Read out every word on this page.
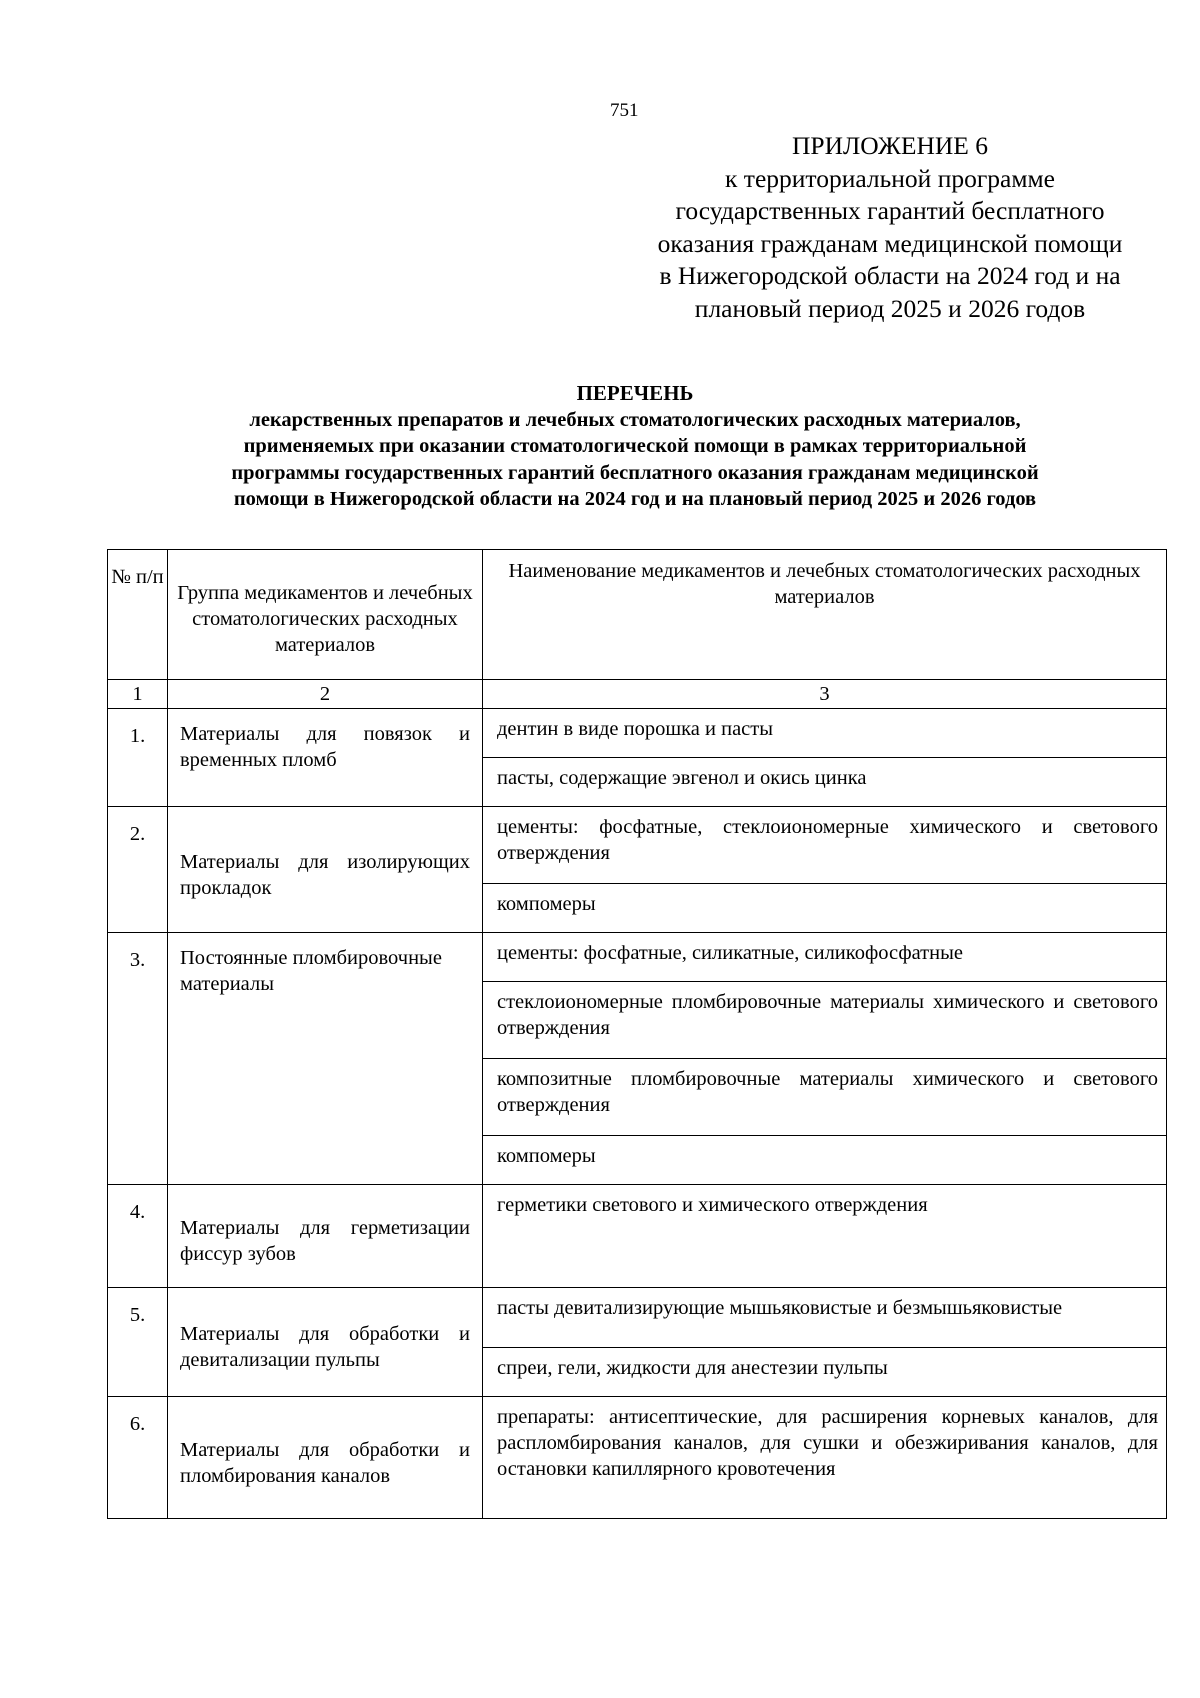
751
ПРИЛОЖЕНИЕ 6
к территориальной программе
государственных гарантий бесплатного
оказания гражданам медицинской помощи
в Нижегородской области на 2024 год и на
плановый период 2025 и 2026 годов
ПЕРЕЧЕНЬ
лекарственных препаратов и лечебных стоматологических расходных материалов,
применяемых при оказании стоматологической помощи в рамках территориальной
программы государственных гарантий бесплатного оказания гражданам медицинской
помощи в Нижегородской области на 2024 год и на плановый период 2025 и 2026 годов
№ п/п	Группа медикаментов и лечебных стоматологических расходных материалов	Наименование медикаментов и лечебных стоматологических расходных материалов
1	2	3
1.	Материалы для повязок и временных пломб	дентин в виде порошка и пасты
		пасты, содержащие эвгенол и окись цинка
2.	Материалы для изолирующих прокладок	цементы: фосфатные, стеклоиономерные химического и светового отверждения
		компомеры
3.	Постоянные пломбировочные материалы	цементы: фосфатные, силикатные, силикофосфатные
		стеклоиономерные пломбировочные материалы химического и светового отверждения
		композитные пломбировочные материалы химического и светового отверждения
		компомеры
4.	Материалы для герметизации фиссур зубов	герметики светового и химического отверждения
5.	Материалы для обработки и девитализации пульпы	пасты девитализирующие мышьяковистые и безмышьяковистые
		спреи, гели, жидкости для анестезии пульпы
6.	Материалы для обработки и пломбирования каналов	препараты: антисептические, для расширения корневых каналов, для распломбирования каналов, для сушки и обезжиривания каналов, для остановки капиллярного кровотечения
